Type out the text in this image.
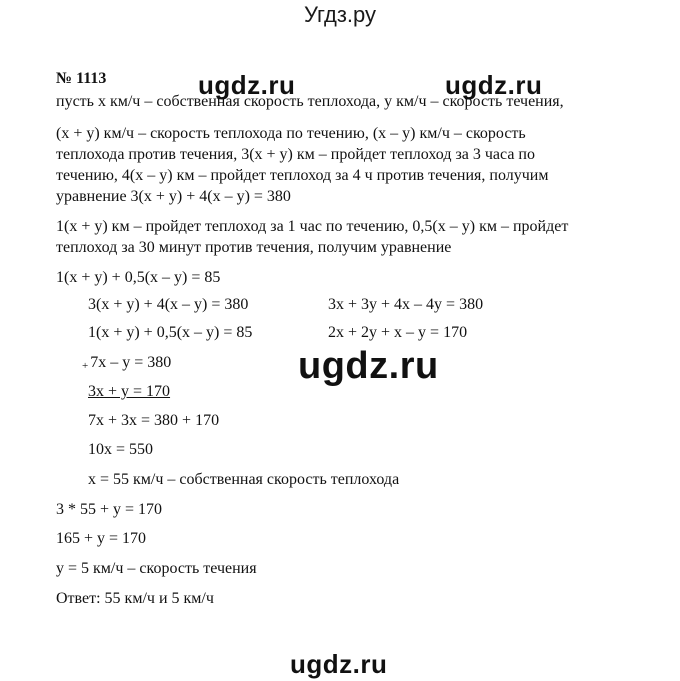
Угдз.ру
№ 1113	ugdz.ru	ugdz.ru
пусть x км/ч – собственная скорость теплохода, y км/ч – скорость течения,
(x + y) км/ч – скорость теплохода по течению, (x – y) км/ч – скорость
теплохода против течения, 3(x + y) км – пройдет теплоход за 3 часа по
течению, 4(x – y) км – пройдет теплоход за 4 ч против течения, получим
уравнение 3(x + y) + 4(x – y) = 380
1(x + y) км – пройдет теплоход за 1 час по течению, 0,5(x – y) км – пройдет
теплоход за 30 минут против течения, получим уравнение
1(x + y) + 0,5(x – y) = 85
3(x + y) + 4(x – y) = 380
1(x + y) + 0,5(x – y) = 85
3x + 3y + 4x – 4y = 380
2x + 2y + x – y = 170
+ 7x – y = 380
3x + y = 170
ugdz.ru
7x + 3x = 380 + 170
10x = 550
x = 55 км/ч – собственная скорость теплохода
3 * 55 + y = 170
165 + y = 170
y = 5 км/ч – скорость течения
Ответ: 55 км/ч и 5 км/ч
ugdz.ru
